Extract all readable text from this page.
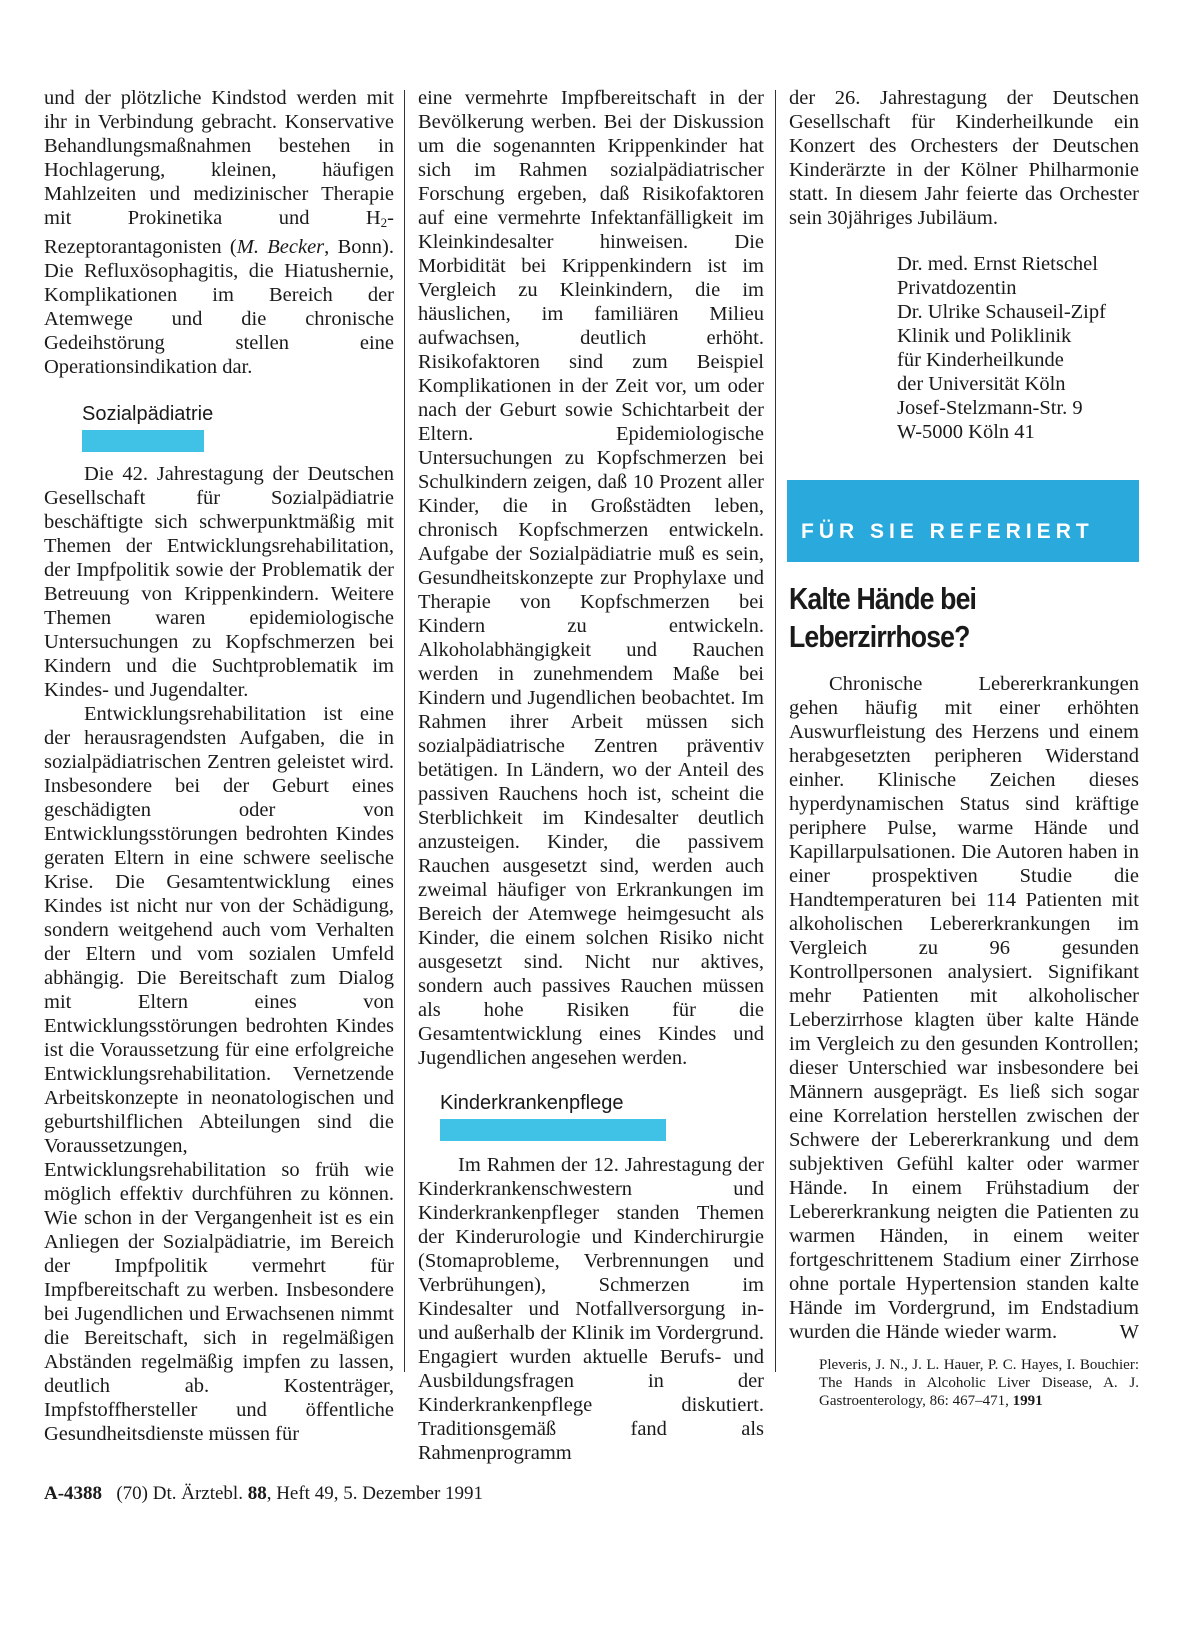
und der plötzliche Kindstod werden mit ihr in Verbindung gebracht. Konservative Behandlungsmaßnahmen bestehen in Hochlagerung, kleinen, häufigen Mahlzeiten und medizinischer Therapie mit Prokinetika und $H_2$-Rezeptorantagonisten (M. Becker, Bonn). Die Refluxösophagitis, die Hiatushernie, Komplikationen im Bereich der Atemwege und die chronische Gedeihstörung stellen eine Operationsindikation dar.

Sozialpädiatrie

Die 42. Jahrestagung der Deutschen Gesellschaft für Sozialpädiatrie beschäftigte sich schwerpunktmäßig mit Themen der Entwicklungsrehabilitation, der Impfpolitik sowie der Problematik der Betreuung von Krippenkindern. Weitere Themen waren epidemiologische Untersuchungen zu Kopfschmerzen bei Kindern und die Suchtproblematik im Kindes- und Jugendalter.

Entwicklungsrehabilitation ist eine der herausragendsten Aufgaben, die in sozialpädiatrischen Zentren geleistet wird. Insbesondere bei der Geburt eines geschädigten oder von Entwicklungsstörungen bedrohten Kindes geraten Eltern in eine schwere seelische Krise. Die Gesamtentwicklung eines Kindes ist nicht nur von der Schädigung, sondern weitgehend auch vom Verhalten der Eltern und vom sozialen Umfeld abhängig. Die Bereitschaft zum Dialog mit Eltern eines von Entwicklungsstörungen bedrohten Kindes ist die Voraussetzung für eine erfolgreiche Entwicklungsrehabilitation. Vernetzende Arbeitskonzepte in neonatologischen und geburtshilflichen Abteilungen sind die Voraussetzungen, Entwicklungsrehabilitation so früh wie möglich effektiv durchführen zu können. Wie schon in der Vergangenheit ist es ein Anliegen der Sozialpädiatrie, im Bereich der Impfpolitik vermehrt für Impfbereitschaft zu werben. Insbesondere bei Jugendlichen und Erwachsenen nimmt die Bereitschaft, sich in regelmäßigen Abständen regelmäßig impfen zu lassen, deutlich ab. Kostenträger, Impfstoffhersteller und öffentliche Gesundheitsdienste müssen für

eine vermehrte Impfbereitschaft in der Bevölkerung werben. Bei der Diskussion um die sogenannten Krippenkinder hat sich im Rahmen sozialpädiatrischer Forschung ergeben, daß Risikofaktoren auf eine vermehrte Infektanfälligkeit im Kleinkindesalter hinweisen. Die Morbidität bei Krippenkindern ist im Vergleich zu Kleinkindern, die im häuslichen, im familiären Milieu aufwachsen, deutlich erhöht. Risikofaktoren sind zum Beispiel Komplikationen in der Zeit vor, um oder nach der Geburt sowie Schichtarbeit der Eltern. Epidemiologische Untersuchungen zu Kopfschmerzen bei Schulkindern zeigen, daß 10 Prozent aller Kinder, die in Großstädten leben, chronisch Kopfschmerzen entwickeln. Aufgabe der Sozialpädiatrie muß es sein, Gesundheitskonzepte zur Prophylaxe und Therapie von Kopfschmerzen bei Kindern zu entwickeln. Alkoholabhängigkeit und Rauchen werden in zunehmendem Maße bei Kindern und Jugendlichen beobachtet. Im Rahmen ihrer Arbeit müssen sich sozialpädiatrische Zentren präventiv betätigen. In Ländern, wo der Anteil des passiven Rauchens hoch ist, scheint die Sterblichkeit im Kindesalter deutlich anzusteigen. Kinder, die passivem Rauchen ausgesetzt sind, werden auch zweimal häufiger von Erkrankungen im Bereich der Atemwege heimgesucht als Kinder, die einem solchen Risiko nicht ausgesetzt sind. Nicht nur aktives, sondern auch passives Rauchen müssen als hohe Risiken für die Gesamtentwicklung eines Kindes und Jugendlichen angesehen werden.

Kinderkrankenpflege

Im Rahmen der 12. Jahrestagung der Kinderkrankenschwestern und Kinderkrankenpfleger standen Themen der Kinderurologie und Kinderchirurgie (Stomaprobleme, Verbrennungen und Verbrühungen), Schmerzen im Kindesalter und Notfallversorgung in- und außerhalb der Klinik im Vordergrund. Engagiert wurden aktuelle Berufs- und Ausbildungsfragen in der Kinderkrankenpflege diskutiert. Traditionsgemäß fand als Rahmenprogramm

der 26. Jahrestagung der Deutschen Gesellschaft für Kinderheilkunde ein Konzert des Orchesters der Deutschen Kinderärzte in der Kölner Philharmonie statt. In diesem Jahr feierte das Orchester sein 30jähriges Jubiläum.

Dr. med. Ernst Rietschel
Privatdozentin
Dr. Ulrike Schauseil-Zipf
Klinik und Poliklinik
für Kinderheilkunde
der Universität Köln
Josef-Stelzmann-Str. 9
W-5000 Köln 41
FÜR SIE REFERIERT
Kalte Hände bei Leberzirrhose?

Chronische Lebererkrankungen gehen häufig mit einer erhöhten Auswurfleistung des Herzens und einem herabgesetzten peripheren Widerstand einher. Klinische Zeichen dieses hyperdynamischen Status sind kräftige periphere Pulse, warme Hände und Kapillarpulsationen. Die Autoren haben in einer prospektiven Studie die Handtemperaturen bei 114 Patienten mit alkoholischen Lebererkrankungen im Vergleich zu 96 gesunden Kontrollpersonen analysiert. Signifikant mehr Patienten mit alkoholischer Leberzirrhose klagten über kalte Hände im Vergleich zu den gesunden Kontrollen; dieser Unterschied war insbesondere bei Männern ausgeprägt. Es ließ sich sogar eine Korrelation herstellen zwischen der Schwere der Lebererkrankung und dem subjektiven Gefühl kalter oder warmer Hände. In einem Frühstadium der Lebererkrankung neigten die Patienten zu warmen Händen, in einem weiter fortgeschrittenem Stadium einer Zirrhose ohne portale Hypertension standen kalte Hände im Vordergrund, im Endstadium wurden die Hände wieder warm.	W

Pleveris, J. N., J. L. Hauer, P. C. Hayes, I. Bouchier: The Hands in Alcoholic Liver Disease, A. J. Gastroenterology, 86: 467–471, 1991
A-4388 (70) Dt. Ärztebl. 88, Heft 49, 5. Dezember 1991
